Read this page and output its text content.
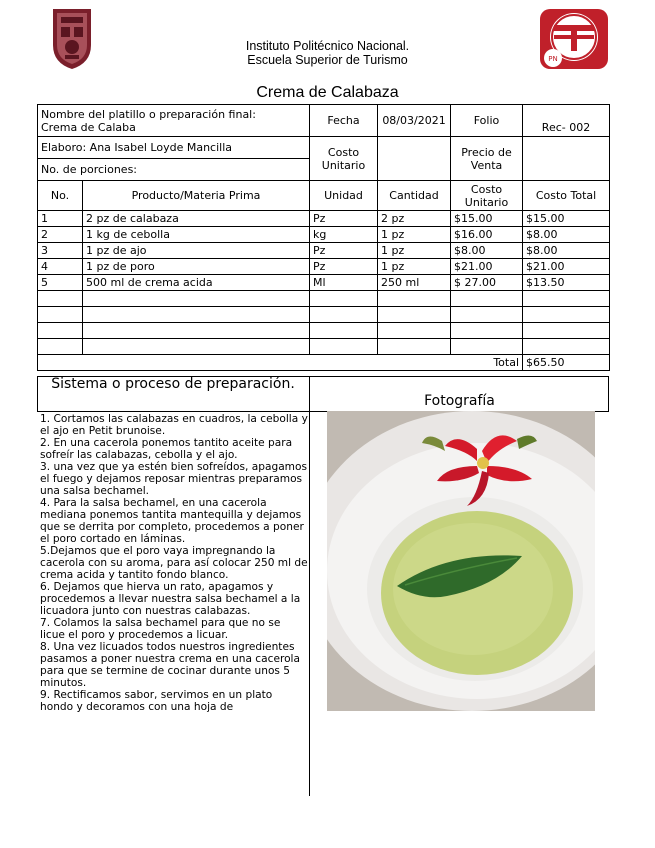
PN
Instituto Politécnico Nacional.
Escuela Superior de Turismo
Crema de Calabaza
Nombre del platillo o preparación final:
Crema de Calaba		Fecha	08/03/2021	Folio	Rec- 002
Elaboro: Ana Isabel Loyde Mancilla		Costo Unitario		Precio de Venta	
No. de porciones:					
No.	Producto/Materia Prima	Unidad	Cantidad	Costo Unitario	Costo Total
1	2 pz de calabaza	Pz	2 pz	$15.00	$15.00
2	1 kg de cebolla	kg	1 pz	$16.00	$8.00
3	1 pz de ajo	Pz	1 pz	$8.00	$8.00
4	1 pz de poro	Pz	1 pz	$21.00	$21.00
5	500 ml de crema acida	Ml	250 ml	$ 27.00	$13.50

Total					$65.50
Sistema o proceso de preparación.
Fotografía

1. Cortamos las calabazas en cuadros, la cebolla y el ajo en Petit brunoise.

2. En una cacerola ponemos tantito aceite para sofreír las calabazas, cebolla y el ajo.

3. una vez que ya estén bien sofreídos, apagamos el fuego y dejamos reposar mientras preparamos una salsa bechamel.

4. Para la salsa bechamel, en una cacerola mediana ponemos tantita mantequilla y dejamos que se derrita por completo, procedemos a poner el poro cortado en láminas.

5.Dejamos que el poro vaya impregnando la cacerola con su aroma, para así colocar 250 ml de crema acida y tantito fondo blanco.

6. Dejamos que hierva un rato, apagamos y procedemos a llevar nuestra salsa bechamel a la licuadora junto con nuestras calabazas.

7. Colamos la salsa bechamel para que no se licue el poro y procedemos a licuar.

8. Una vez licuados todos nuestros ingredientes pasamos a poner nuestra crema en una cacerola para que se termine de cocinar durante unos 5 minutos.

9. Rectificamos sabor, servimos en un plato hondo y decoramos con una hoja de
